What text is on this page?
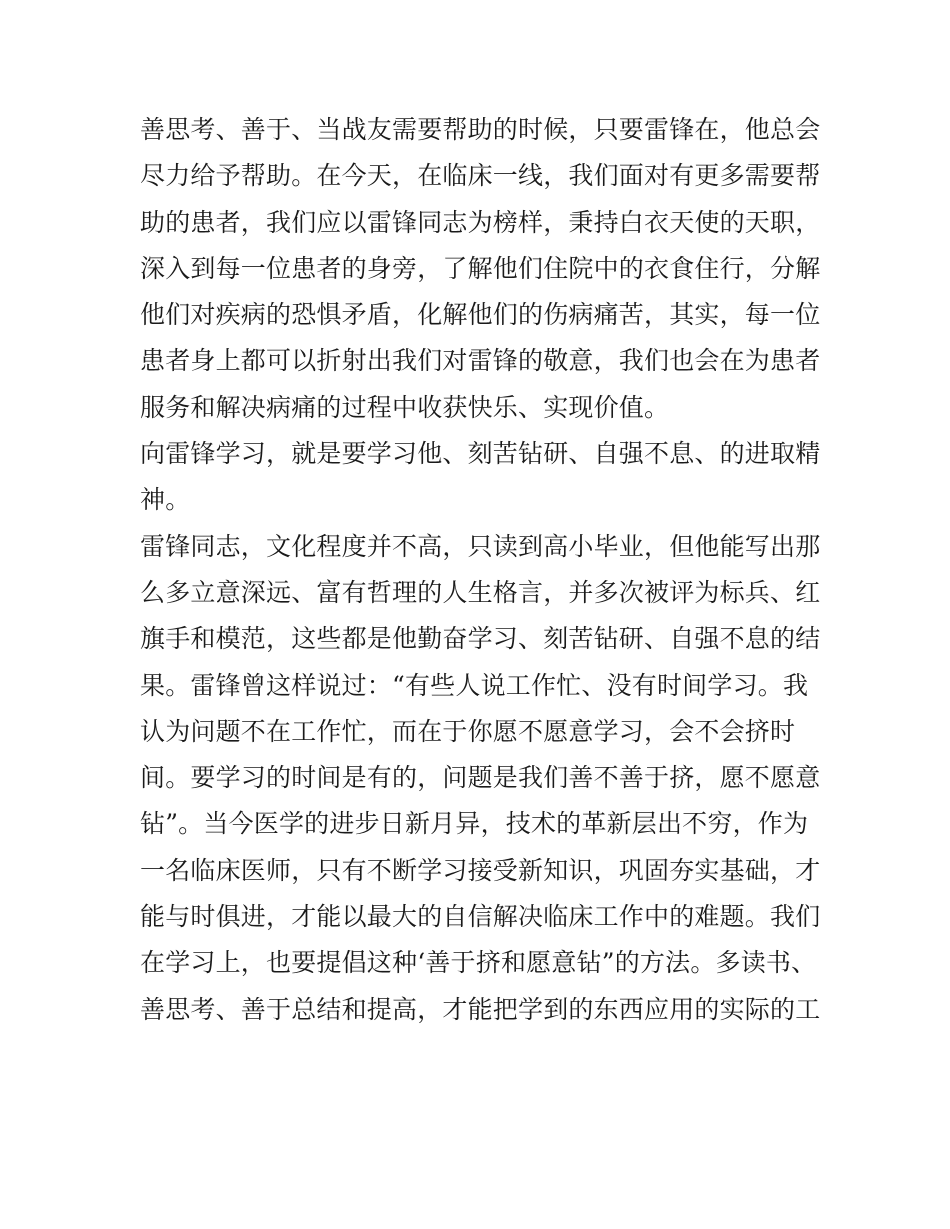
善思考、善于、当战友需要帮助的时候，只要雷锋在，他总会
尽力给予帮助。在今天，在临床一线，我们面对有更多需要帮
助的患者，我们应以雷锋同志为榜样，秉持白衣天使的天职，
深入到每一位患者的身旁，了解他们住院中的衣食住行，分解
他们对疾病的恐惧矛盾，化解他们的伤病痛苦，其实，每一位
患者身上都可以折射出我们对雷锋的敬意，我们也会在为患者
服务和解决病痛的过程中收获快乐、实现价值。
向雷锋学习，就是要学习他、刻苦钻研、自强不息、的进取精
神。
雷锋同志，文化程度并不高，只读到高小毕业，但他能写出那
么多立意深远、富有哲理的人生格言，并多次被评为标兵、红
旗手和模范，这些都是他勤奋学习、刻苦钻研、自强不息的结
果。雷锋曾这样说过：“有些人说工作忙、没有时间学习。我
认为问题不在工作忙，而在于你愿不愿意学习，会不会挤时
间。要学习的时间是有的，问题是我们善不善于挤，愿不愿意
钻”。当今医学的进步日新月异，技术的革新层出不穷，作为
一名临床医师，只有不断学习接受新知识，巩固夯实基础，才
能与时俱进，才能以最大的自信解决临床工作中的难题。我们
在学习上，也要提倡这种‘善于挤和愿意钻”的方法。多读书、
善思考、善于总结和提高，才能把学到的东西应用的实际的工
